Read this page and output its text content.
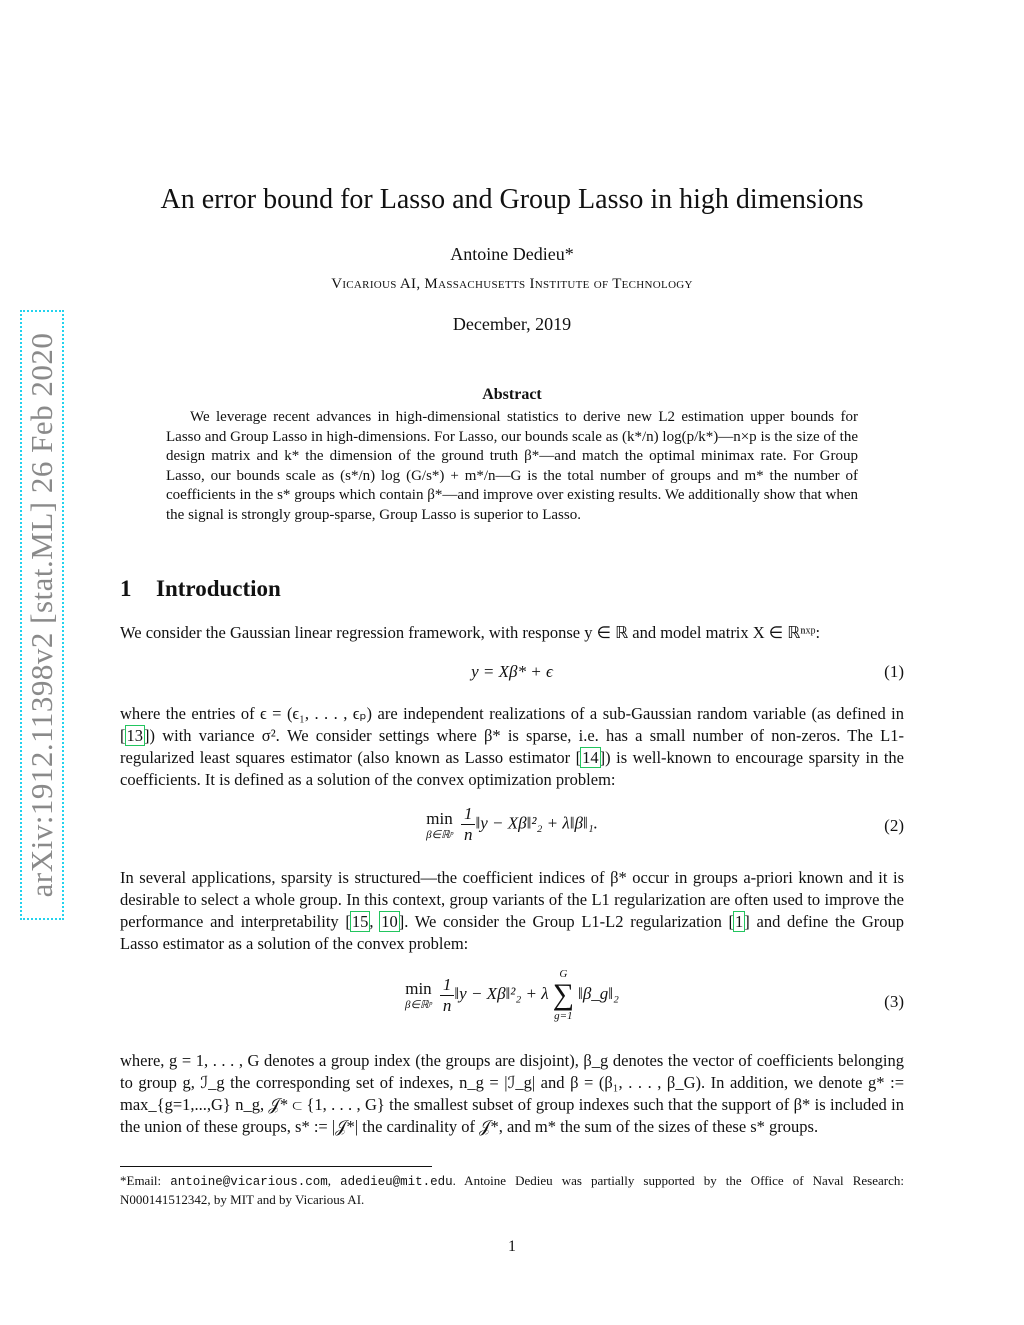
arXiv:1912.11398v2 [stat.ML] 26 Feb 2020
An error bound for Lasso and Group Lasso in high dimensions
Antoine Dedieu*
Vicarious AI, Massachusetts Institute of Technology
December, 2019
Abstract

We leverage recent advances in high-dimensional statistics to derive new L2 estimation upper bounds for Lasso and Group Lasso in high-dimensions. For Lasso, our bounds scale as (k*/n) log(p/k*)—n×p is the size of the design matrix and k* the dimension of the ground truth β*—and match the optimal minimax rate. For Group Lasso, our bounds scale as (s*/n) log (G/s*) + m*/n—G is the total number of groups and m* the number of coefficients in the s* groups which contain β*—and improve over existing results. We additionally show that when the signal is strongly group-sparse, Group Lasso is superior to Lasso.

1 Introduction

We consider the Gaussian linear regression framework, with response y ∈ ℝ and model matrix X ∈ ℝⁿˣᵖ:

y = Xβ* + ϵ	(1)

where the entries of ϵ = (ϵ₁, . . . , ϵₚ) are independent realizations of a sub-Gaussian random variable (as defined in [13]) with variance σ². We consider settings where β* is sparse, i.e. has a small number of non-zeros. The L1-regularized least squares estimator (also known as Lasso estimator [14]) is well-known to encourage sparsity in the coefficients. It is defined as a solution of the convex optimization problem:

min
β∈ℝᵖ $\frac{1}{n}$ ‖y − Xβ‖²₂ + λ‖β‖₁.	(2)

In several applications, sparsity is structured—the coefficient indices of β* occur in groups a-priori known and it is desirable to select a whole group. In this context, group variants of the L1 regularization are often used to improve the performance and interpretability [15, 10]. We consider the Group L1-L2 regularization [1] and define the Group Lasso estimator as a solution of the convex problem:

min
β∈ℝᵖ $\frac{1}{n}$ ‖y − Xβ‖²₂ + λ
G
∑
g=1
‖β_g‖₂	(3)

where, g = 1, . . . , G denotes a group index (the groups are disjoint), β_g denotes the vector of coefficients belonging to group g, ℐ_g the corresponding set of indexes, n_g = |ℐ_g| and β = (β₁, . . . , β_G). In addition, we denote g* := max_{g=1,...,G} n_g, 𝒥* ⊂ {1, . . . , G} the smallest subset of group indexes such that the support of β* is included in the union of these groups, s* := |𝒥*| the cardinality of 𝒥*, and m* the sum of the sizes of these s* groups.

*Email: antoine@vicarious.com, adedieu@mit.edu. Antoine Dedieu was partially supported by the Office of Naval Research: N000141512342, by MIT and by Vicarious AI.
1
